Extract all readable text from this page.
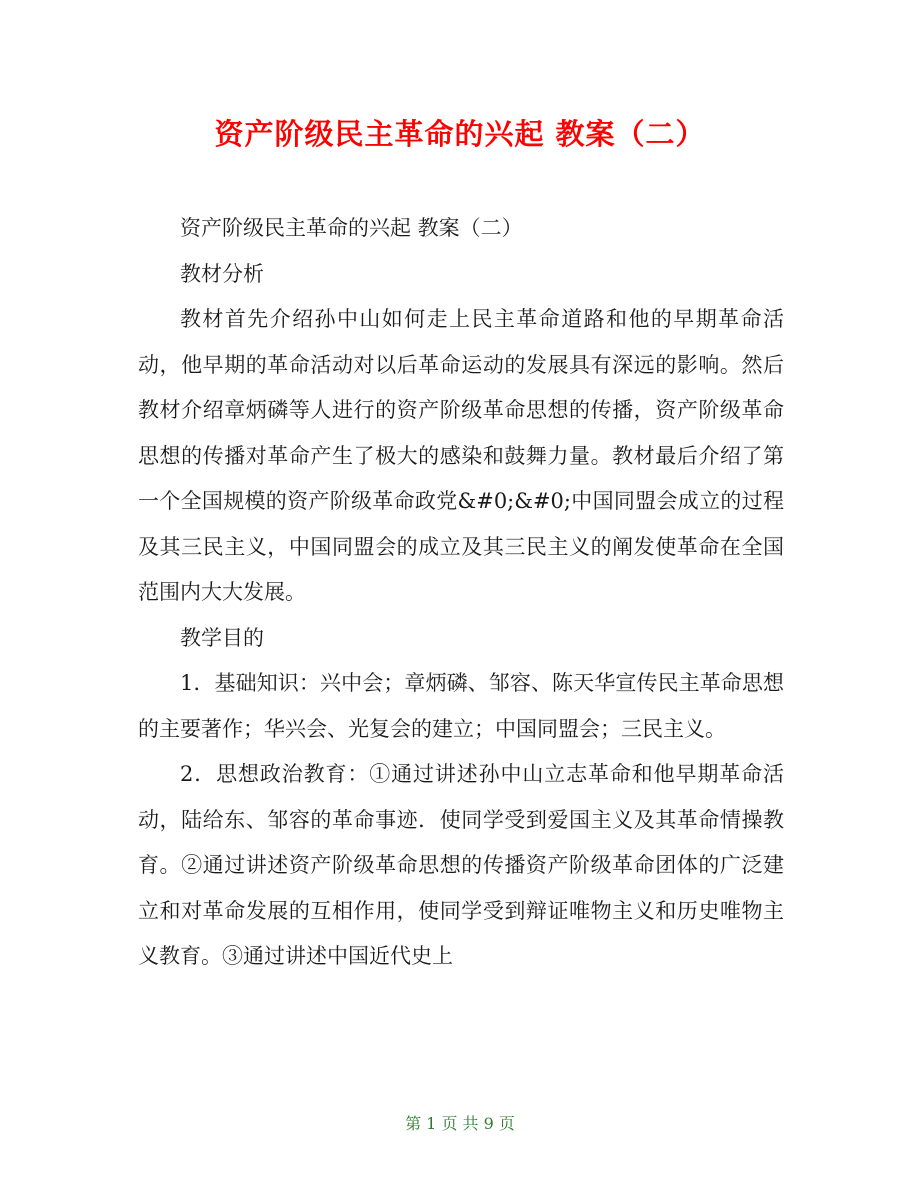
资产阶级民主革命的兴起 教案（二）

资产阶级民主革命的兴起 教案（二）

教材分析

教材首先介绍孙中山如何走上民主革命道路和他的早期革命活动，他早期的革命活动对以后革命运动的发展具有深远的影响。然后教材介绍章炳磷等人进行的资产阶级革命思想的传播，资产阶级革命思想的传播对革命产生了极大的感染和鼓舞力量。教材最后介绍了第一个全国规模的资产阶级革命政党&#0;&#0;中国同盟会成立的过程及其三民主义，中国同盟会的成立及其三民主义的阐发使革命在全国范围内大大发展。

教学目的

1．基础知识：兴中会；章炳磷、邹容、陈天华宣传民主革命思想的主要著作；华兴会、光复会的建立；中国同盟会；三民主义。

2．思想政治教育：①通过讲述孙中山立志革命和他早期革命活动，陆给东、邹容的革命事迹．使同学受到爱国主义及其革命情操教育。②通过讲述资产阶级革命思想的传播资产阶级革命团体的广泛建立和对革命发展的互相作用，使同学受到辩证唯物主义和历史唯物主义教育。③通过讲述中国近代史上

第 1 页 共 9 页
